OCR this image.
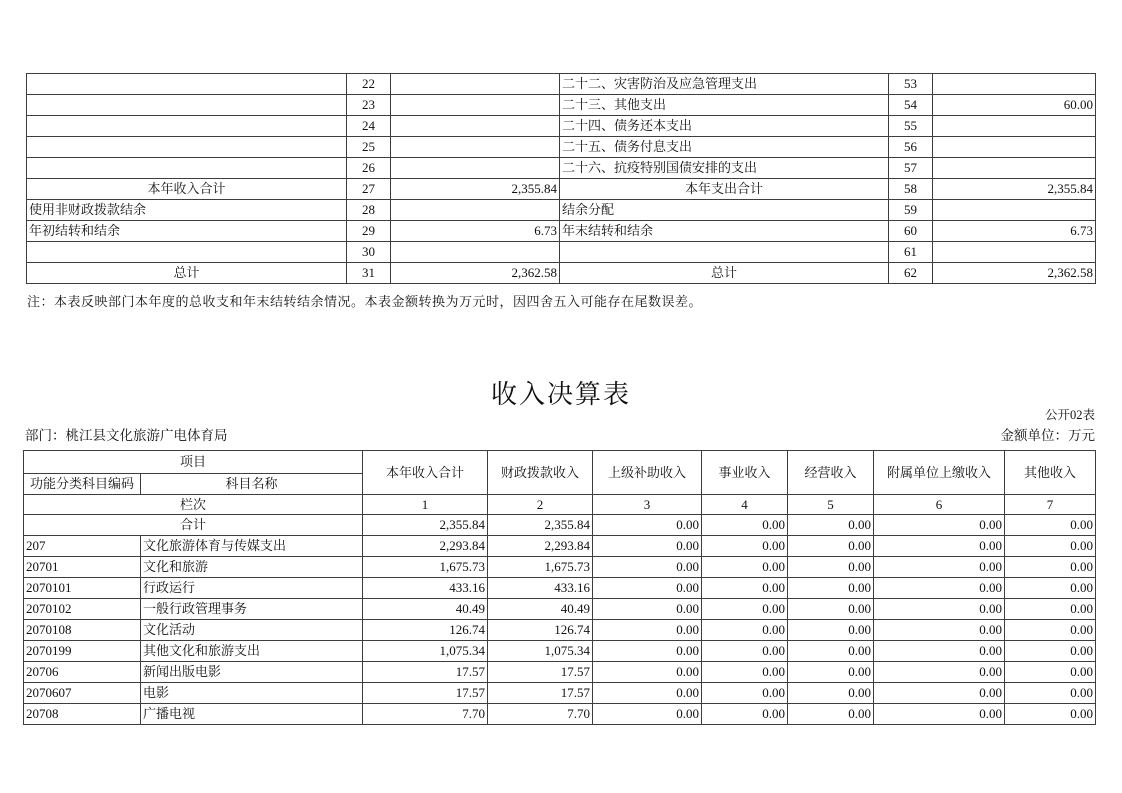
	22		二十二、灾害防治及应急管理支出	53	
	23		二十三、其他支出	54	60.00
	24		二十四、债务还本支出	55	
	25		二十五、债务付息支出	56	
	26		二十六、抗疫特别国债安排的支出	57	
本年收入合计	27	2,355.84	本年支出合计	58	2,355.84
使用非财政拨款结余	28		结余分配	59	
年初结转和结余	29	6.73	年末结转和结余	60	6.73
	30			61	
总计	31	2,362.58	总计	62	2,362.58
注：本表反映部门本年度的总收支和年末结转结余情况。本表金额转换为万元时，因四舍五入可能存在尾数误差。
收入决算表
公开02表
部门：桃江县文化旅游广电体育局	金额单位：万元
项目		本年收入合计	财政拨款收入	上级补助收入	事业收入	经营收入	附属单位上缴收入	其他收入
功能分类科目编码	科目名称							
栏次		1	2	3	4	5	6	7
合计		2,355.84	2,355.84	0.00	0.00	0.00	0.00	0.00
207	文化旅游体育与传媒支出	2,293.84	2,293.84	0.00	0.00	0.00	0.00	0.00
20701	文化和旅游	1,675.73	1,675.73	0.00	0.00	0.00	0.00	0.00
2070101	行政运行	433.16	433.16	0.00	0.00	0.00	0.00	0.00
2070102	一般行政管理事务	40.49	40.49	0.00	0.00	0.00	0.00	0.00
2070108	文化活动	126.74	126.74	0.00	0.00	0.00	0.00	0.00
2070199	其他文化和旅游支出	1,075.34	1,075.34	0.00	0.00	0.00	0.00	0.00
20706	新闻出版电影	17.57	17.57	0.00	0.00	0.00	0.00	0.00
2070607	电影	17.57	17.57	0.00	0.00	0.00	0.00	0.00
20708	广播电视	7.70	7.70	0.00	0.00	0.00	0.00	0.00
